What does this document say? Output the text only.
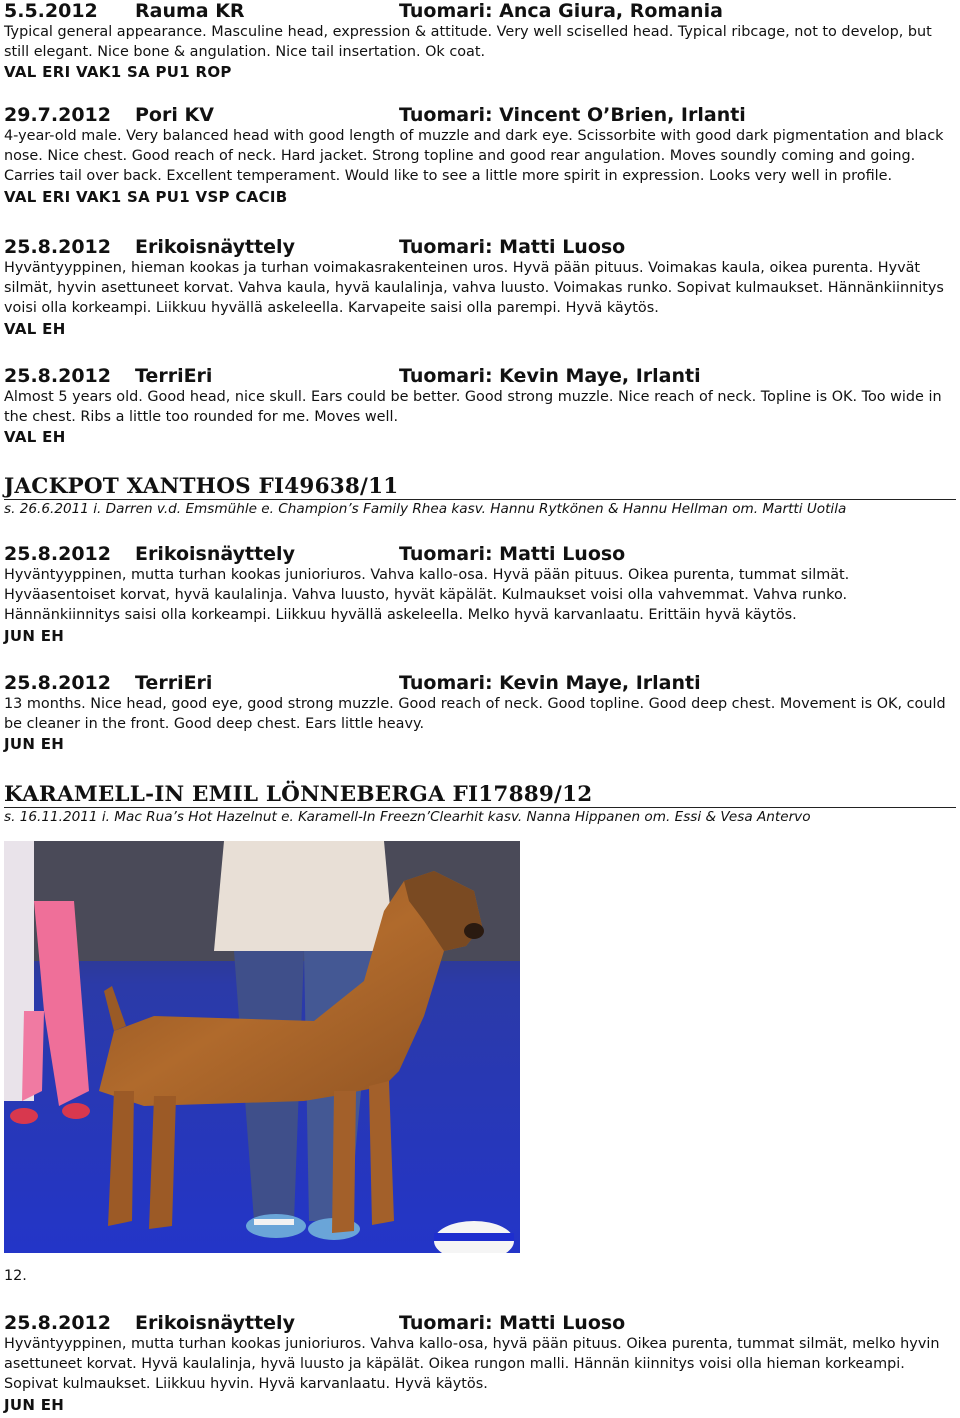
5.5.2012 Rauma KR	Tuomari: Anca Giura, Romania

Typical general appearance. Masculine head, expression & attitude. Very well sciselled head. Typical ribcage, not to develop, but still elegant. Nice bone & angulation. Nice tail insertation. Ok coat.

VAL ERI VAK1 SA PU1 ROP
29.7.2012 Pori KV	Tuomari: Vincent O’Brien, Irlanti

4-year-old male. Very balanced head with good length of muzzle and dark eye. Scissorbite with good dark pigmentation and black nose. Nice chest. Good reach of neck. Hard jacket. Strong topline and good rear angulation. Moves soundly coming and going. Carries tail over back. Excellent temperament. Would like to see a little more spirit in expression. Looks very well in profile.

VAL ERI VAK1 SA PU1 VSP CACIB
25.8.2012 Erikoisnäyttely	Tuomari: Matti Luoso

Hyväntyyppinen, hieman kookas ja turhan voimakasrakenteinen uros. Hyvä pään pituus. Voimakas kaula, oikea purenta. Hyvät silmät, hyvin asettuneet korvat. Vahva kaula, hyvä kaulalinja, vahva luusto. Voimakas runko. Sopivat kulmaukset. Hännänkiinnitys voisi olla korkeampi. Liikkuu hyvällä askeleella. Karvapeite saisi olla parempi. Hyvä käytös.

VAL EH
25.8.2012 TerriEri	Tuomari: Kevin Maye, Irlanti

Almost 5 years old. Good head, nice skull. Ears could be better. Good strong muzzle. Nice reach of neck. Topline is OK. Too wide in the chest. Ribs a little too rounded for me. Moves well.

VAL EH
JACKPOT XANTHOS FI49638/11
s. 26.6.2011 i. Darren v.d. Emsmühle e. Champion’s Family Rhea kasv. Hannu Rytkönen & Hannu Hellman om. Martti Uotila
25.8.2012 Erikoisnäyttely	Tuomari: Matti Luoso

Hyväntyyppinen, mutta turhan kookas junioriuros. Vahva kallo-osa. Hyvä pään pituus. Oikea purenta, tummat silmät. Hyväasentoiset korvat, hyvä kaulalinja. Vahva luusto, hyvät käpälät. Kulmaukset voisi olla vahvemmat. Vahva runko. Hännänkiinnitys saisi olla korkeampi. Liikkuu hyvällä askeleella. Melko hyvä karvanlaatu. Erittäin hyvä käytös.

JUN EH
25.8.2012 TerriEri	Tuomari: Kevin Maye, Irlanti

13 months. Nice head, good eye, good strong muzzle. Good reach of neck. Good topline. Good deep chest. Movement is OK, could be cleaner in the front. Good deep chest. Ears little heavy.

JUN EH
KARAMELL-IN EMIL LÖNNEBERGA FI17889/12
s. 16.11.2011 i. Mac Rua’s Hot Hazelnut e. Karamell-In Freezn’Clearhit kasv. Nanna Hippanen om. Essi & Vesa Antervo
12.
25.8.2012 Erikoisnäyttely	Tuomari: Matti Luoso

Hyväntyyppinen, mutta turhan kookas junioriuros. Vahva kallo-osa, hyvä pään pituus. Oikea purenta, tummat silmät, melko hyvin asettuneet korvat. Hyvä kaulalinja, hyvä luusto ja käpälät. Oikea rungon malli. Hännän kiinnitys voisi olla hieman korkeampi. Sopivat kulmaukset. Liikkuu hyvin. Hyvä karvanlaatu. Hyvä käytös.

JUN EH
